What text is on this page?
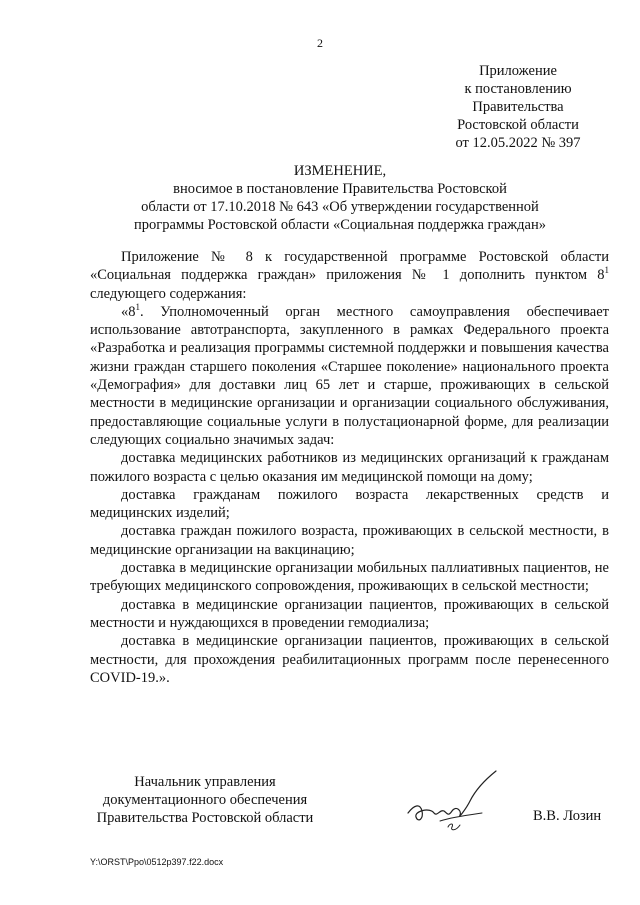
2
Приложение
к постановлению
Правительства
Ростовской области
от 12.05.2022 № 397
ИЗМЕНЕНИЕ,
вносимое в постановление Правительства Ростовской
области от 17.10.2018 № 643 «Об утверждении государственной
программы Ростовской области «Социальная поддержка граждан»

Приложение № 8 к государственной программе Ростовской области «Социальная поддержка граждан» приложения № 1 дополнить пунктом $8^1$ следующего содержания:

«$8^1$. Уполномоченный орган местного самоуправления обеспечивает использование автотранспорта, закупленного в рамках Федерального проекта «Разработка и реализация программы системной поддержки и повышения качества жизни граждан старшего поколения «Старшее поколение» национального проекта «Демография» для доставки лиц 65 лет и старше, проживающих в сельской местности в медицинские организации и организации социального обслуживания, предоставляющие социальные услуги в полустационарной форме, для реализации следующих социально значимых задач:

доставка медицинских работников из медицинских организаций к гражданам пожилого возраста с целью оказания им медицинской помощи на дому;

доставка гражданам пожилого возраста лекарственных средств и медицинских изделий;

доставка граждан пожилого возраста, проживающих в сельской местности, в медицинские организации на вакцинацию;

доставка в медицинские организации мобильных паллиативных пациентов, не требующих медицинского сопровождения, проживающих в сельской местности;

доставка в медицинские организации пациентов, проживающих в сельской местности и нуждающихся в проведении гемодиализа;

доставка в медицинские организации пациентов, проживающих в сельской местности, для прохождения реабилитационных программ после перенесенного COVID-19.».

Начальник управления
документационного обеспечения
Правительства Ростовской области	В.В. Лозин
Y:\ORST\Ppo\0512p397.f22.docx
